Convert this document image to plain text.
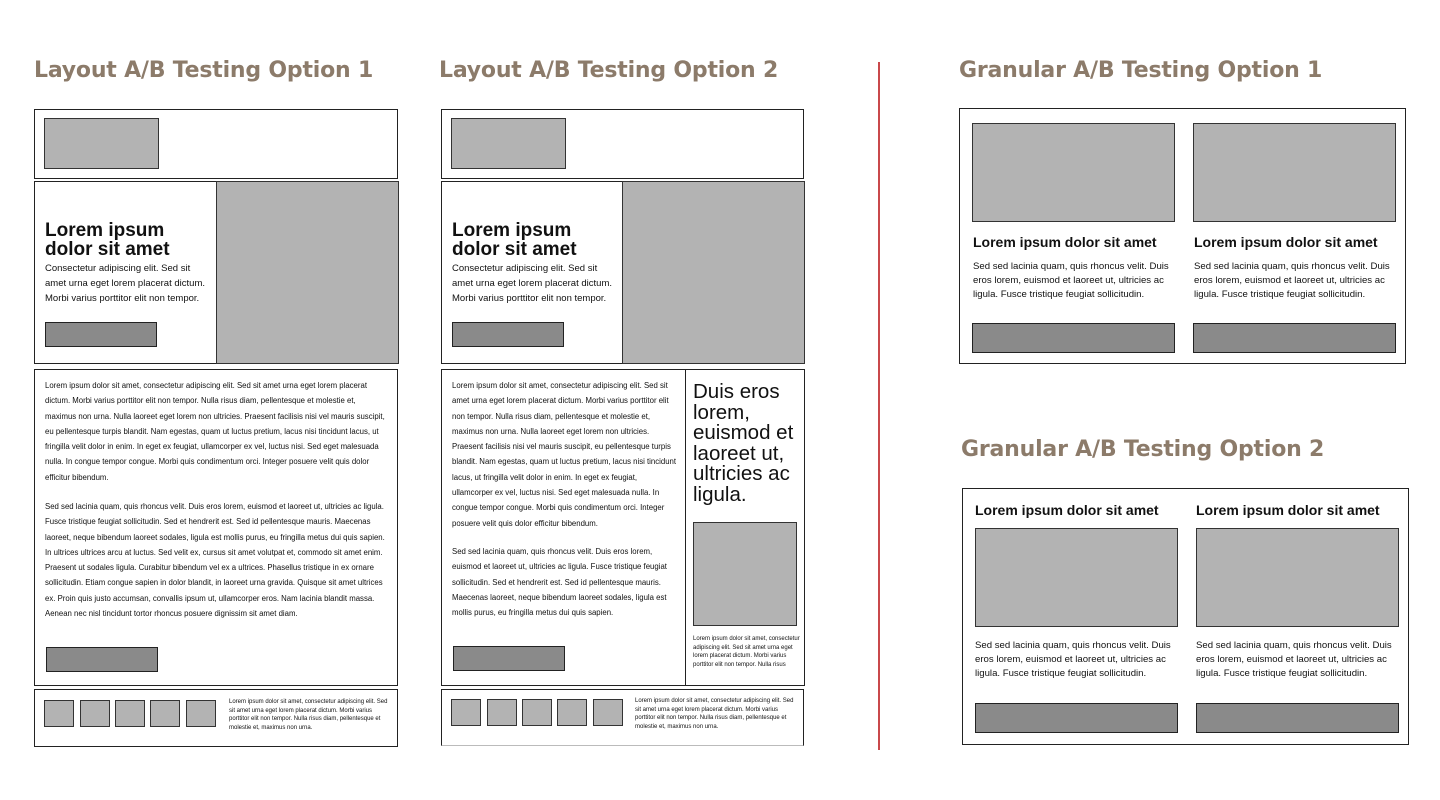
Layout A/B Testing Option 1	Layout A/B Testing Option 2	Granular A/B Testing Option 1
Granular A/B Testing Option 2
Lorem ipsum dolor sit amet

Consectetur adipiscing elit. Sed sit amet urna eget lorem placerat dictum. Morbi varius porttitor elit non tempor.

Lorem ipsum dolor sit amet, consectetur adipiscing elit. Sed sit amet urna eget lorem placerat dictum. Morbi varius porttitor elit non tempor. Nulla risus diam, pellentesque et molestie et, maximus non urna. Nulla laoreet eget lorem non ultricies. Praesent facilisis nisi vel mauris suscipit, eu pellentesque turpis blandit. Nam egestas, quam ut luctus pretium, lacus nisi tincidunt lacus, ut fringilla velit dolor in enim. In eget ex feugiat, ullamcorper ex vel, luctus nisi. Sed eget malesuada nulla. In congue tempor congue. Morbi quis condimentum orci. Integer posuere velit quis dolor efficitur bibendum.

Sed sed lacinia quam, quis rhoncus velit. Duis eros lorem, euismod et laoreet ut, ultricies ac ligula. Fusce tristique feugiat sollicitudin. Sed et hendrerit est. Sed id pellentesque mauris. Maecenas laoreet, neque bibendum laoreet sodales, ligula est mollis purus, eu fringilla metus dui quis sapien. In ultrices ultrices arcu at luctus. Sed velit ex, cursus sit amet volutpat et, commodo sit amet enim. Praesent ut sodales ligula. Curabitur bibendum vel ex a ultrices. Phasellus tristique in ex ornare sollicitudin. Etiam congue sapien in dolor blandit, in laoreet urna gravida. Quisque sit amet ultrices ex. Proin quis justo accumsan, convallis ipsum ut, ullamcorper eros. Nam lacinia blandit massa. Aenean nec nisl tincidunt tortor rhoncus posuere dignissim sit amet diam.

Lorem ipsum dolor sit amet, consectetur adipiscing elit. Sed sit amet urna eget lorem placerat dictum. Morbi varius porttitor elit non tempor. Nulla risus diam, pellentesque et molestie et, maximus non urna.

Lorem ipsum dolor sit amet

Consectetur adipiscing elit. Sed sit amet urna eget lorem placerat dictum. Morbi varius porttitor elit non tempor.

Lorem ipsum dolor sit amet, consectetur adipiscing elit. Sed sit amet urna eget lorem placerat dictum. Morbi varius porttitor elit non tempor. Nulla risus diam, pellentesque et molestie et, maximus non urna. Nulla laoreet eget lorem non ultricies. Praesent facilisis nisi vel mauris suscipit, eu pellentesque turpis blandit. Nam egestas, quam ut luctus pretium, lacus nisi tincidunt lacus, ut fringilla velit dolor in enim. In eget ex feugiat, ullamcorper ex vel, luctus nisi. Sed eget malesuada nulla. In congue tempor congue. Morbi quis condimentum orci. Integer posuere velit quis dolor efficitur bibendum.

Sed sed lacinia quam, quis rhoncus velit. Duis eros lorem, euismod et laoreet ut, ultricies ac ligula. Fusce tristique feugiat sollicitudin. Sed et hendrerit est. Sed id pellentesque mauris. Maecenas laoreet, neque bibendum laoreet sodales, ligula est mollis purus, eu fringilla metus dui quis sapien.

Duis eros lorem, euismod et laoreet ut, ultricies ac ligula.

Lorem ipsum dolor sit amet, consectetur adipiscing elit. Sed sit amet urna eget lorem placerat dictum. Morbi varius porttitor elit non tempor. Nulla risus

Lorem ipsum dolor sit amet, consectetur adipiscing elit. Sed sit amet urna eget lorem placerat dictum. Morbi varius porttitor elit non tempor. Nulla risus diam, pellentesque et molestie et, maximus non urna.

Lorem ipsum dolor sit amet

Sed sed lacinia quam, quis rhoncus velit. Duis eros lorem, euismod et laoreet ut, ultricies ac ligula. Fusce tristique feugiat sollicitudin.

Lorem ipsum dolor sit amet

Sed sed lacinia quam, quis rhoncus velit. Duis eros lorem, euismod et laoreet ut, ultricies ac ligula. Fusce tristique feugiat sollicitudin.

Lorem ipsum dolor sit amet

Sed sed lacinia quam, quis rhoncus velit. Duis eros lorem, euismod et laoreet ut, ultricies ac ligula. Fusce tristique feugiat sollicitudin.

Lorem ipsum dolor sit amet

Sed sed lacinia quam, quis rhoncus velit. Duis eros lorem, euismod et laoreet ut, ultricies ac ligula. Fusce tristique feugiat sollicitudin.
